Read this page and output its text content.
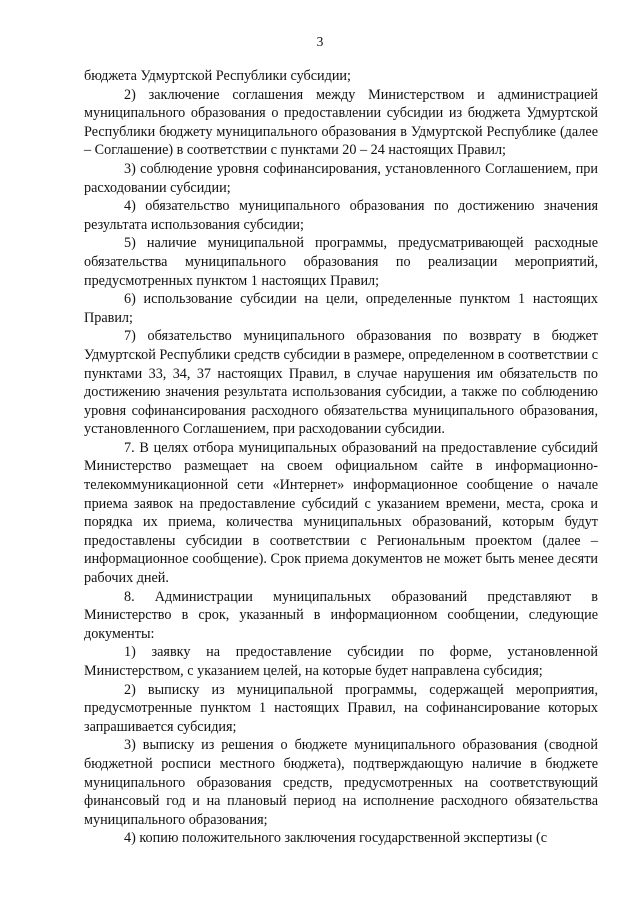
3

бюджета Удмуртской Республики субсидии;

2) заключение соглашения между Министерством и администрацией муниципального образования о предоставлении субсидии из бюджета Удмуртской Республики бюджету муниципального образования в Удмуртской Республике (далее – Соглашение) в соответствии с пунктами 20 – 24 настоящих Правил;

3) соблюдение уровня софинансирования, установленного Соглашением, при расходовании субсидии;

4) обязательство муниципального образования по достижению значения результата использования субсидии;

5) наличие муниципальной программы, предусматривающей расходные обязательства муниципального образования по реализации мероприятий, предусмотренных пунктом 1 настоящих Правил;

6) использование субсидии на цели, определенные пунктом 1 настоящих Правил;

7) обязательство муниципального образования по возврату в бюджет Удмуртской Республики средств субсидии в размере, определенном в соответствии с пунктами 33, 34, 37 настоящих Правил, в случае нарушения им обязательств по достижению значения результата использования субсидии, а также по соблюдению уровня софинансирования расходного обязательства муниципального образования, установленного Соглашением, при расходовании субсидии.

7. В целях отбора муниципальных образований на предоставление субсидий Министерство размещает на своем официальном сайте в информационно-телекоммуникационной сети «Интернет» информационное сообщение о начале приема заявок на предоставление субсидий с указанием времени, места, срока и порядка их приема, количества муниципальных образований, которым будут предоставлены субсидии в соответствии с Региональным проектом (далее – информационное сообщение). Срок приема документов не может быть менее десяти рабочих дней.

8. Администрации муниципальных образований представляют в Министерство в срок, указанный в информационном сообщении, следующие документы:

1) заявку на предоставление субсидии по форме, установленной Министерством, с указанием целей, на которые будет направлена субсидия;

2) выписку из муниципальной программы, содержащей мероприятия, предусмотренные пунктом 1 настоящих Правил, на софинансирование которых запрашивается субсидия;

3) выписку из решения о бюджете муниципального образования (сводной бюджетной росписи местного бюджета), подтверждающую наличие в бюджете муниципального образования средств, предусмотренных на соответствующий финансовый год и на плановый период на исполнение расходного обязательства муниципального образования;

4) копию положительного заключения государственной экспертизы (с
